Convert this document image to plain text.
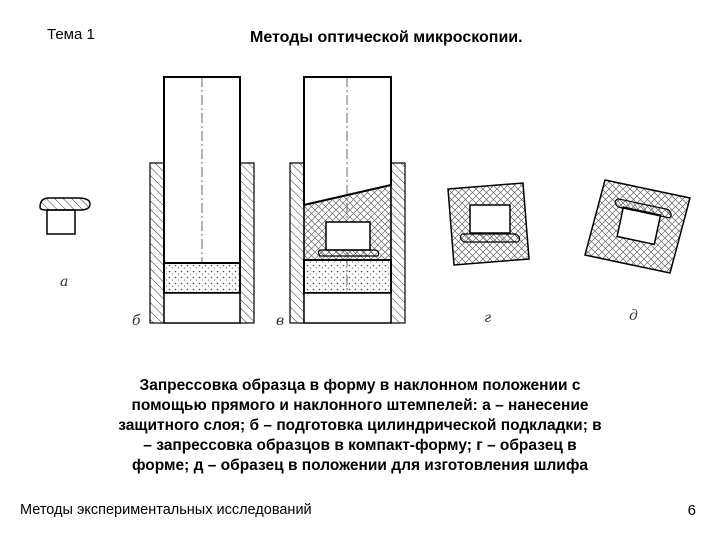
Тема 1	Методы оптической микроскопии.
а
б	в	г	д
Запрессовка образца в форму в наклонном положении с
помощью прямого и наклонного штемпелей: а – нанесение
защитного слоя; б – подготовка цилиндрической подкладки; в
– запрессовка образцов в компакт-форму; г – образец в
форме; д – образец в положении для изготовления шлифа
Методы экспериментальных исследований	6
